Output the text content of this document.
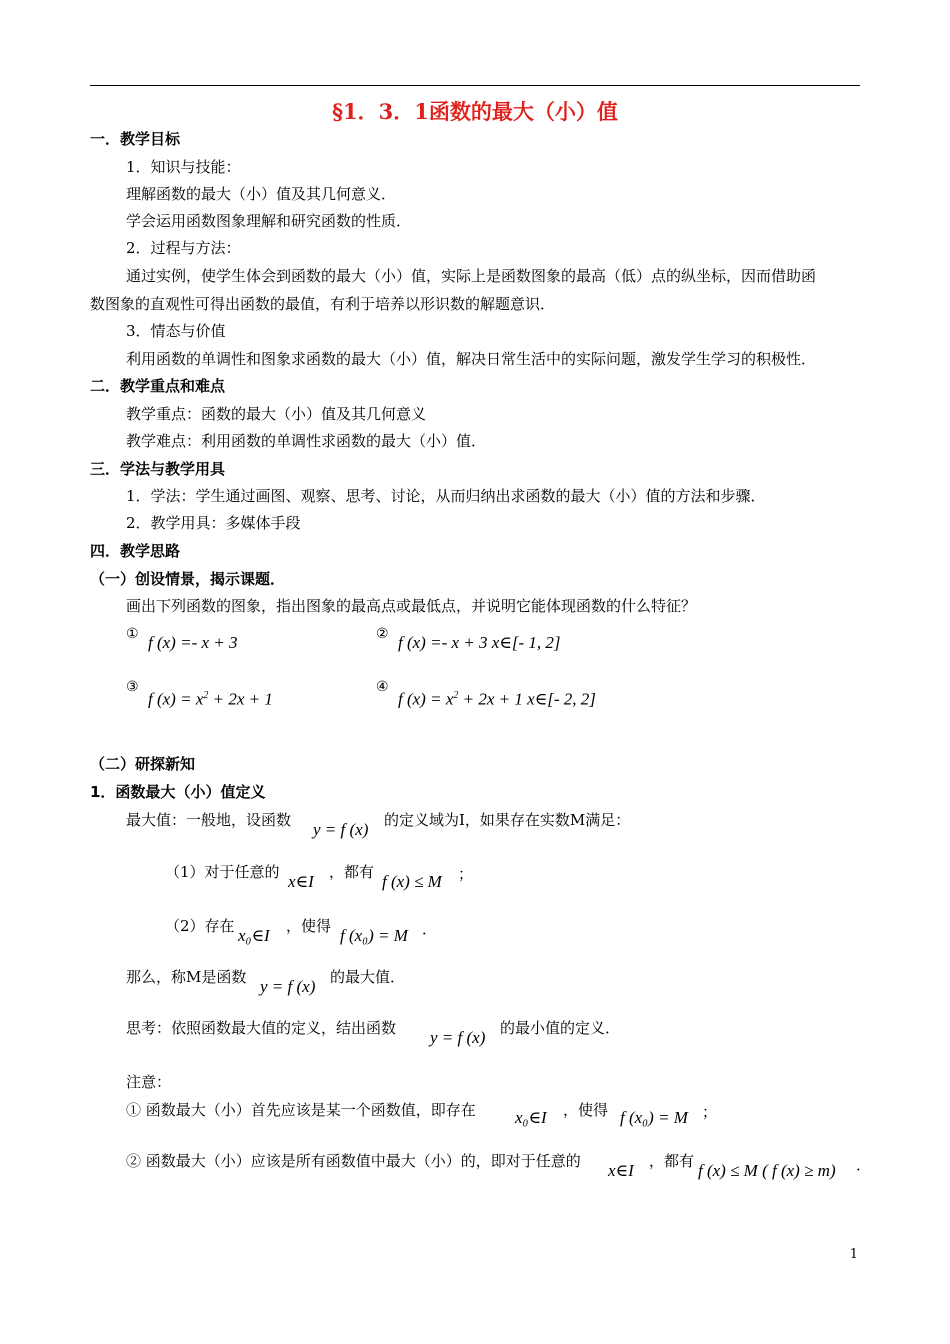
§1．3．1函数的最大（小）值
一．教学目标
1．知识与技能：
理解函数的最大（小）值及其几何意义．
学会运用函数图象理解和研究函数的性质．
2．过程与方法：
通过实例，使学生体会到函数的最大（小）值，实际上是函数图象的最高（低）点的纵坐标，因而借助函
数图象的直观性可得出函数的最值，有利于培养以形识数的解题意识．
3．情态与价值
利用函数的单调性和图象求函数的最大（小）值，解决日常生活中的实际问题，激发学生学习的积极性．
二．教学重点和难点
教学重点：函数的最大（小）值及其几何意义
教学难点：利用函数的单调性求函数的最大（小）值．
三．学法与教学用具
1．学法：学生通过画图、观察、思考、讨论，从而归纳出求函数的最大（小）值的方法和步骤．
2．教学用具：多媒体手段
四．教学思路
（一）创设情景，揭示课题．
画出下列函数的图象，指出图象的最高点或最低点，并说明它能体现函数的什么特征？
① f (x) =- x + 3	② f (x) =- x + 3 x∈[- 1, 2]
③
f $(x) = x^2 + 2x + 1$
④
f $(x) = x^2 + 2x + 1$ x∈[- 2, 2]
（二）研探新知
1．函数最大（小）值定义
最大值：一般地，设函数 y = f (x) 的定义域为I，如果存在实数M满足：
（1）对于任意的 x∈I ，都有 f (x) ≤ M ；
（2）存在 x₀∈I ，使得 f (x₀) = M ．
那么，称M是函数 y = f (x) 的最大值．
思考：依照函数最大值的定义，结出函数 y = f (x) 的最小值的定义．
注意：
① 函数最大（小）首先应该是某一个函数值，即存在 x₀∈I ，使得 f (x₀) = M ；
② 函数最大（小）应该是所有函数值中最大（小）的，即对于任意的 x∈I ，都有 f (x) ≤ M ( f (x) ≥ m) ．
1
